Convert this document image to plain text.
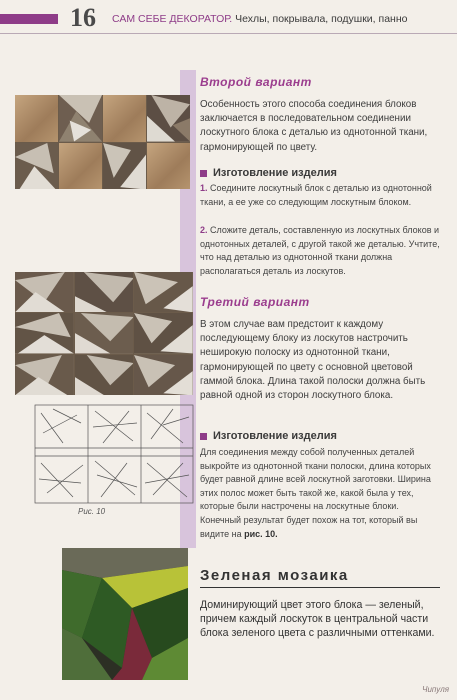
16 САМ СЕБЕ ДЕКОРАТОР. Чехлы, покрывала, подушки, панно
Рис. 10
Второй вариант
Особенность этого способа соединения блоков заключается в последовательном соединении лоскутного блока с деталью из однотонной ткани, гармонирующей по цвету.
Изготовление изделия
1. Соедините лоскутный блок с деталью из однотонной ткани, а ее уже со следующим лоскутным блоком.
2. Сложите деталь, составленную из лоскутных блоков и однотонных деталей, с другой такой же деталью. Учтите, что над деталью из однотонной ткани должна располагаться деталь из лоскутов.
Третий вариант
В этом случае вам предстоит к каждому последующему блоку из лоскутов настрочить неширокую полоску из однотонной ткани, гармонирующей по цвету с основной цветовой гаммой блока. Длина такой полоски должна быть равной одной из сторон лоскутного блока.
Изготовление изделия
Для соединения между собой полученных деталей выкройте из однотонной ткани полоски, длина которых будет равной длине всей лоскутной заготовки. Ширина этих полос может быть такой же, какой была у тех, которые были настрочены на лоскутные блоки. Конечный результат будет похож на тот, который вы видите на рис. 10.
Зеленая мозаика
Доминирующий цвет этого блока — зеленый, причем каждый лоскуток в центральной части блока зеленого цвета с различными оттенками.
Чипуля
